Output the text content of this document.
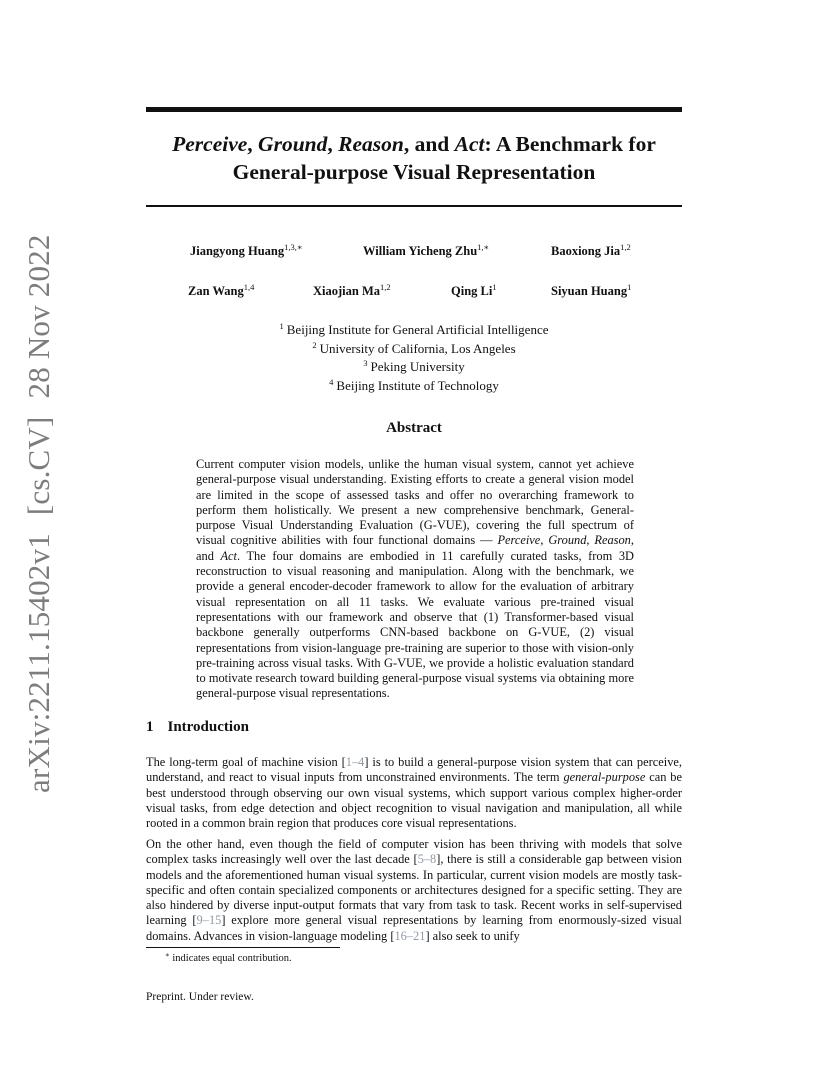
arXiv:2211.15402v1 [cs.CV] 28 Nov 2022
Perceive, Ground, Reason, and Act: A Benchmark for
General-purpose Visual Representation
Jiangyong Huang$^{1,3,∗}$	William Yicheng Zhu$^{1,∗}$	Baoxiong Jia$^{1,2}$
Zan Wang$^{1,4}$	Xiaojian Ma$^{1,2}$	Qing Li$^1$	Siyuan Huang$^1$
$^1$ Beijing Institute for General Artificial Intelligence
$^2$ University of California, Los Angeles
$^3$ Peking University
$^4$ Beijing Institute of Technology
Abstract
Current computer vision models, unlike the human visual system, cannot yet achieve general-purpose visual understanding. Existing efforts to create a general vision model are limited in the scope of assessed tasks and offer no overarching framework to perform them holistically. We present a new comprehensive benchmark, General-purpose Visual Understanding Evaluation (G-VUE), covering the full spectrum of visual cognitive abilities with four functional domains — Perceive, Ground, Reason, and Act. The four domains are embodied in 11 carefully curated tasks, from 3D reconstruction to visual reasoning and manipulation. Along with the benchmark, we provide a general encoder-decoder framework to allow for the evaluation of arbitrary visual representation on all 11 tasks. We evaluate various pre-trained visual representations with our framework and observe that (1) Transformer-based visual backbone generally outperforms CNN-based backbone on G-VUE, (2) visual representations from vision-language pre-training are superior to those with vision-only pre-training across visual tasks. With G-VUE, we provide a holistic evaluation standard to motivate research toward building general-purpose visual systems via obtaining more general-purpose visual representations.
1 Introduction
The long-term goal of machine vision [1–4] is to build a general-purpose vision system that can perceive, understand, and react to visual inputs from unconstrained environments. The term general-purpose can be best understood through observing our own visual systems, which support various complex higher-order visual tasks, from edge detection and object recognition to visual navigation and manipulation, all while rooted in a common brain region that produces core visual representations.
On the other hand, even though the field of computer vision has been thriving with models that solve complex tasks increasingly well over the last decade [5–8], there is still a considerable gap between vision models and the aforementioned human visual systems. In particular, current vision models are mostly task-specific and often contain specialized components or architectures designed for a specific setting. They are also hindered by diverse input-output formats that vary from task to task. Recent works in self-supervised learning [9–15] explore more general visual representations by learning from enormously-sized visual domains. Advances in vision-language modeling [16–21] also seek to unify
∗ indicates equal contribution.
Preprint. Under review.
